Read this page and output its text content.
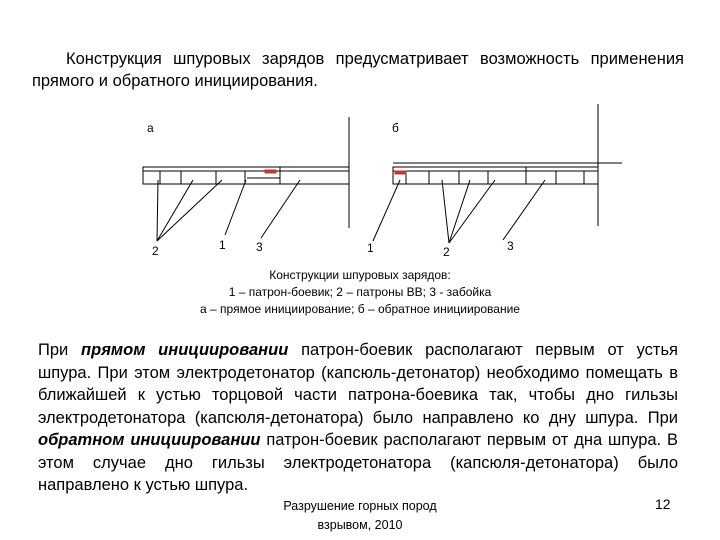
Конструкция шпуровых зарядов предусматривает возможность применения прямого и обратного инициирования.
а	б
2	1	3	1	2	3
Конструкции шпуровых зарядов:
1 – патрон-боевик; 2 – патроны ВВ; 3 - забойка
а – прямое инициирование; б – обратное инициирование
При прямом инициировании патрон-боевик располагают первым от устья шпура. При этом электродетонатор (капсюль-детонатор) необходимо помещать в ближайшей к устью торцовой части патрона-боевика так, чтобы дно гильзы электродетонатора (капсюля-детонатора) было направлено ко дну шпура. При обратном инициировании патрон-боевик располагают первым от дна шпура. В этом случае дно гильзы электродетонатора (капсюля-детонатора) было направлено к устью шпура.
Разрушение горных пород
взрывом, 2010
12
